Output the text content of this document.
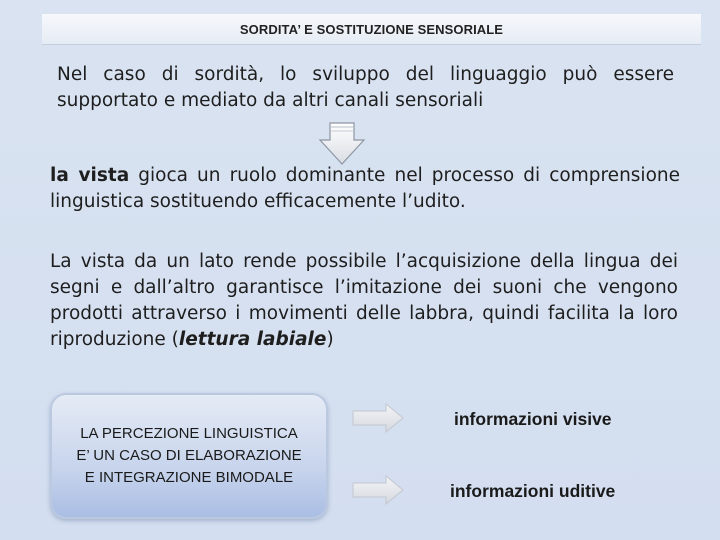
SORDITA’ E SOSTITUZIONE SENSORIALE
Nel caso di sordità, lo sviluppo del linguaggio può essere supportato e mediato da altri canali sensoriali
la vista gioca un ruolo dominante nel processo di comprensione linguistica sostituendo efficacemente l’udito.
La vista da un lato rende possibile l’acquisizione della lingua dei segni e dall’altro garantisce l’imitazione dei suoni che vengono prodotti attraverso i movimenti delle labbra, quindi facilita la loro riproduzione (lettura labiale)
LA PERCEZIONE LINGUISTICA
E’ UN CASO DI ELABORAZIONE
E INTEGRAZIONE BIMODALE
informazioni visive
informazioni uditive
